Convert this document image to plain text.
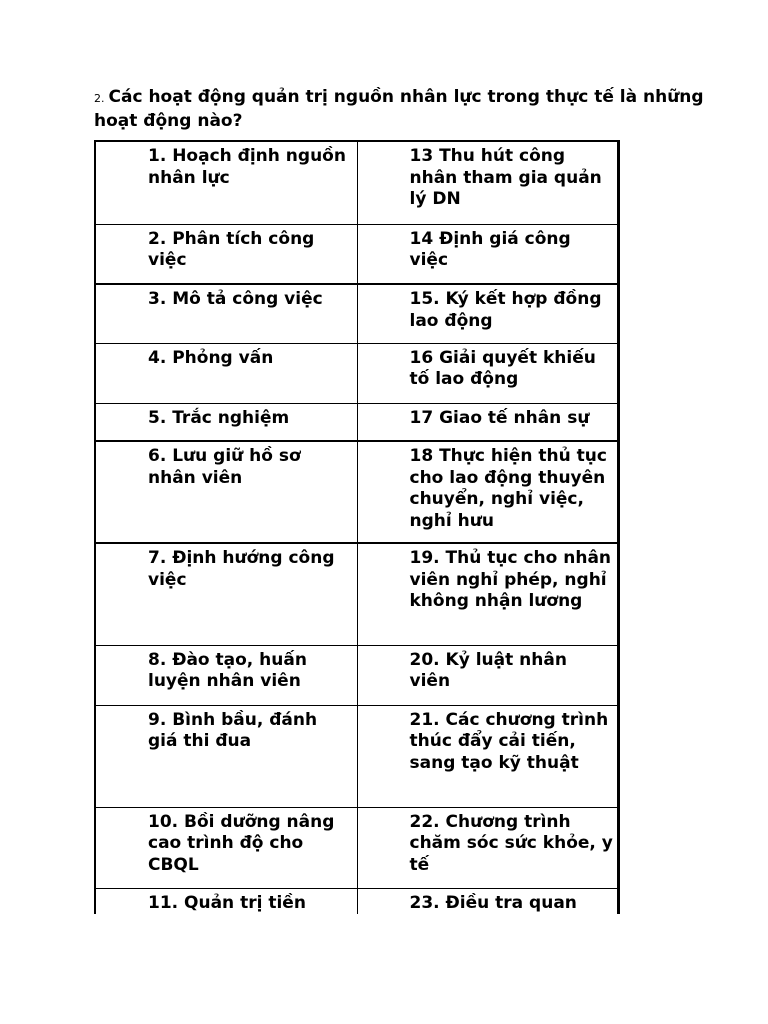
2. Các hoạt động quản trị nguồn nhân lực trong thực tế là những hoạt động nào?
1. Hoạch định nguồn nhân lực	13 Thu hút công nhân tham gia quản lý DN
2. Phân tích công việc	14 Định giá công việc
3. Mô tả công việc	15. Ký kết hợp đồng lao động
4. Phỏng vấn	16 Giải quyết khiếu tố lao động
5. Trắc nghiệm	17 Giao tế nhân sự
6. Lưu giữ hồ sơ nhân viên	18 Thực hiện thủ tục cho lao động thuyên chuyển, nghỉ việc, nghỉ hưu
7. Định hướng công việc	19. Thủ tục cho nhân viên nghỉ phép, nghỉ không nhận lương
8. Đào tạo, huấn luyện nhân viên	20. Kỷ luật nhân viên
9. Bình bầu, đánh giá thi đua	21. Các chương trình thúc đẩy cải tiến, sang tạo kỹ thuật
10. Bồi dưỡng nâng cao trình độ cho CBQL	22. Chương trình chăm sóc sức khỏe, y tế
11. Quản trị tiền	23. Điều tra quan
